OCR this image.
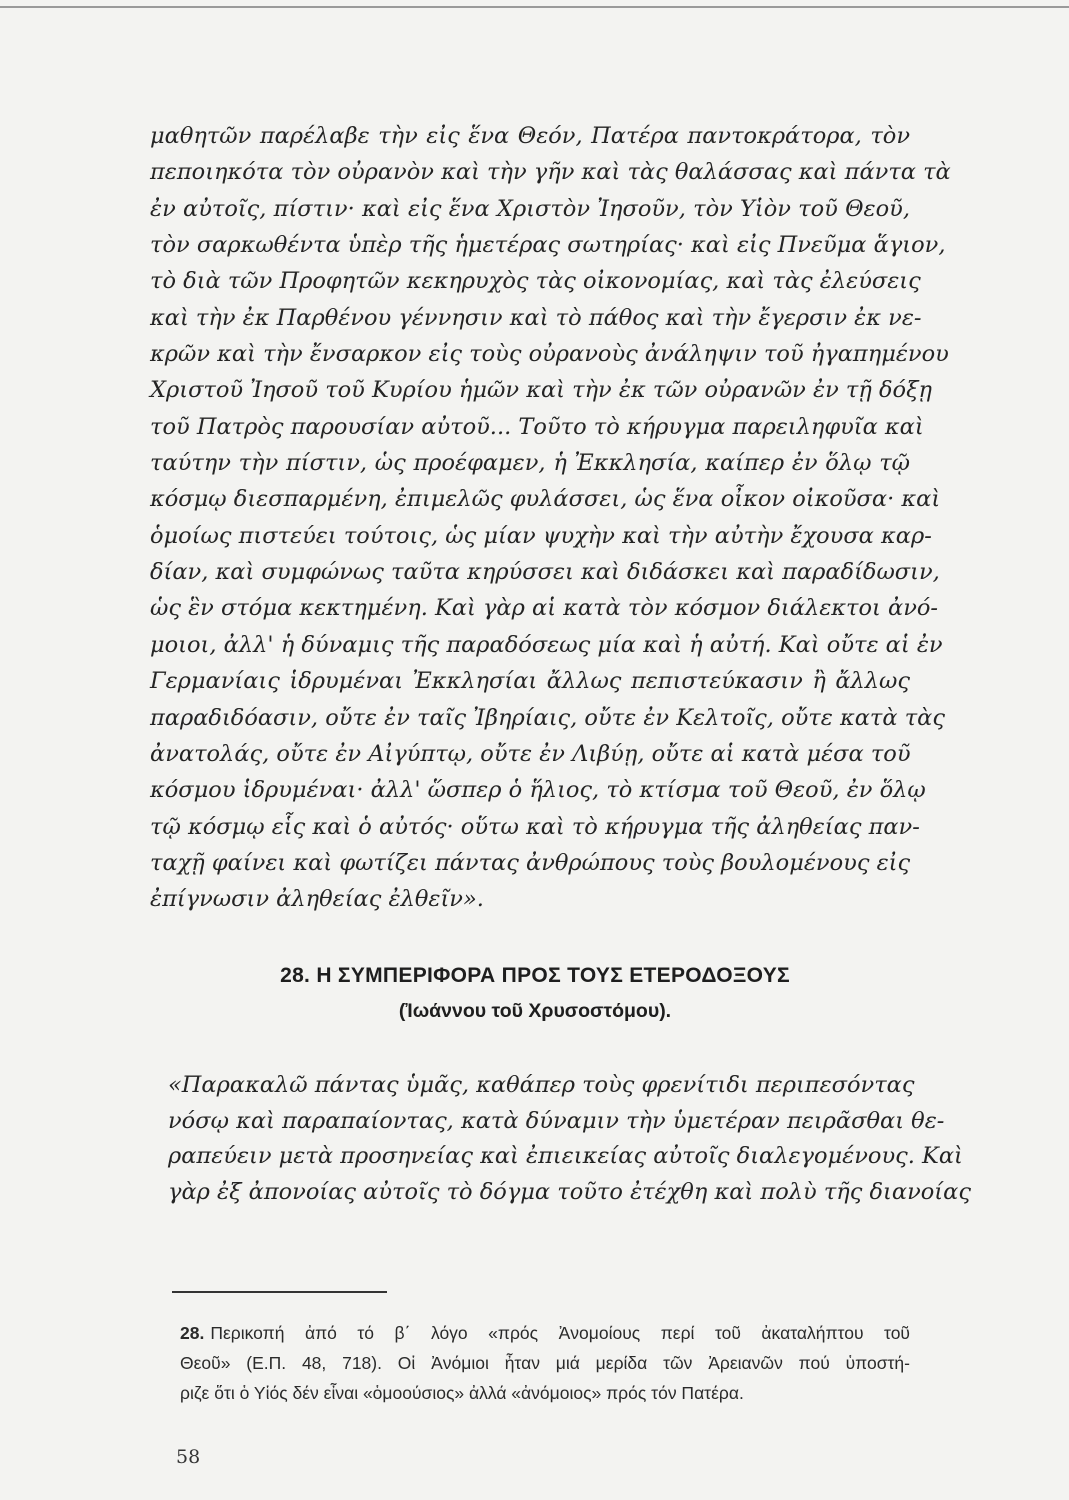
μαθητῶν παρέλαβε τὴν εἰς ἕνα Θεόν, Πατέρα παντοκράτορα, τὸν
πεποιηκότα τὸν οὐρανὸν καὶ τὴν γῆν καὶ τὰς θαλάσσας καὶ πάντα τὰ
ἐν αὐτοῖς, πίστιν· καὶ εἰς ἕνα Χριστὸν Ἰησοῦν, τὸν Υἱὸν τοῦ Θεοῦ,
τὸν σαρκωθέντα ὑπὲρ τῆς ἡμετέρας σωτηρίας· καὶ εἰς Πνεῦμα ἅγιον,
τὸ διὰ τῶν Προφητῶν κεκηρυχὸς τὰς οἰκονομίας, καὶ τὰς ἐλεύσεις
καὶ τὴν ἐκ Παρθένου γέννησιν καὶ τὸ πάθος καὶ τὴν ἔγερσιν ἐκ νε-
κρῶν καὶ τὴν ἔνσαρκον εἰς τοὺς οὐρανοὺς ἀνάληψιν τοῦ ἠγαπημένου
Χριστοῦ Ἰησοῦ τοῦ Κυρίου ἡμῶν καὶ τὴν ἐκ τῶν οὐρανῶν ἐν τῇ δόξῃ
τοῦ Πατρὸς παρουσίαν αὐτοῦ... Τοῦτο τὸ κήρυγμα παρειληφυῖα καὶ
ταύτην τὴν πίστιν, ὡς προέφαμεν, ἡ Ἐκκλησία, καίπερ ἐν ὅλῳ τῷ
κόσμῳ διεσπαρμένη, ἐπιμελῶς φυλάσσει, ὡς ἕνα οἶκον οἰκοῦσα· καὶ
ὁμοίως πιστεύει τούτοις, ὡς μίαν ψυχὴν καὶ τὴν αὐτὴν ἔχουσα καρ-
δίαν, καὶ συμφώνως ταῦτα κηρύσσει καὶ διδάσκει καὶ παραδίδωσιν,
ὡς ἓν στόμα κεκτημένη. Καὶ γὰρ αἱ κατὰ τὸν κόσμον διάλεκτοι ἀνό-
μοιοι, ἀλλ' ἡ δύναμις τῆς παραδόσεως μία καὶ ἡ αὐτή. Καὶ οὔτε αἱ ἐν
Γερμανίαις ἱδρυμέναι Ἐκκλησίαι ἄλλως πεπιστεύκασιν ἢ ἄλλως
παραδιδόασιν, οὔτε ἐν ταῖς Ἰβηρίαις, οὔτε ἐν Κελτοῖς, οὔτε κατὰ τὰς
ἀνατολάς, οὔτε ἐν Αἰγύπτῳ, οὔτε ἐν Λιβύῃ, οὔτε αἱ κατὰ μέσα τοῦ
κόσμου ἱδρυμέναι· ἀλλ' ὥσπερ ὁ ἥλιος, τὸ κτίσμα τοῦ Θεοῦ, ἐν ὅλῳ
τῷ κόσμῳ εἷς καὶ ὁ αὐτός· οὕτω καὶ τὸ κήρυγμα τῆς ἀληθείας παν-
ταχῇ φαίνει καὶ φωτίζει πάντας ἀνθρώπους τοὺς βουλομένους εἰς
ἐπίγνωσιν ἀληθείας ἐλθεῖν».
28. Η ΣΥΜΠΕΡΙΦΟΡΑ ΠΡΟΣ ΤΟΥΣ ΕΤΕΡΟΔΟΞΟΥΣ
(Ἰωάννου τοῦ Χρυσοστόμου).
«Παρακαλῶ πάντας ὑμᾶς, καθάπερ τοὺς φρενίτιδι περιπεσόντας
νόσῳ καὶ παραπαίοντας, κατὰ δύναμιν τὴν ὑμετέραν πειρᾶσθαι θε-
ραπεύειν μετὰ προσηνείας καὶ ἐπιεικείας αὐτοῖς διαλεγομένους. Καὶ
γὰρ ἐξ ἀπονοίας αὐτοῖς τὸ δόγμα τοῦτο ἐτέχθη καὶ πολὺ τῆς διανοίας
28. Περικοπή ἀπό τό β΄ λόγο «πρός Ἀνομοίους περί τοῦ ἀκαταλήπτου τοῦ
Θεοῦ» (Ε.Π. 48, 718). Οἱ Ἀνόμιοι ἦταν μιά μερίδα τῶν Ἀρειανῶν πού ὑποστή-
ριζε ὅτι ὁ Υἱός δέν εἶναι «ὁμοούσιος» ἀλλά «ἀνόμοιος» πρός τόν Πατέρα.
58
